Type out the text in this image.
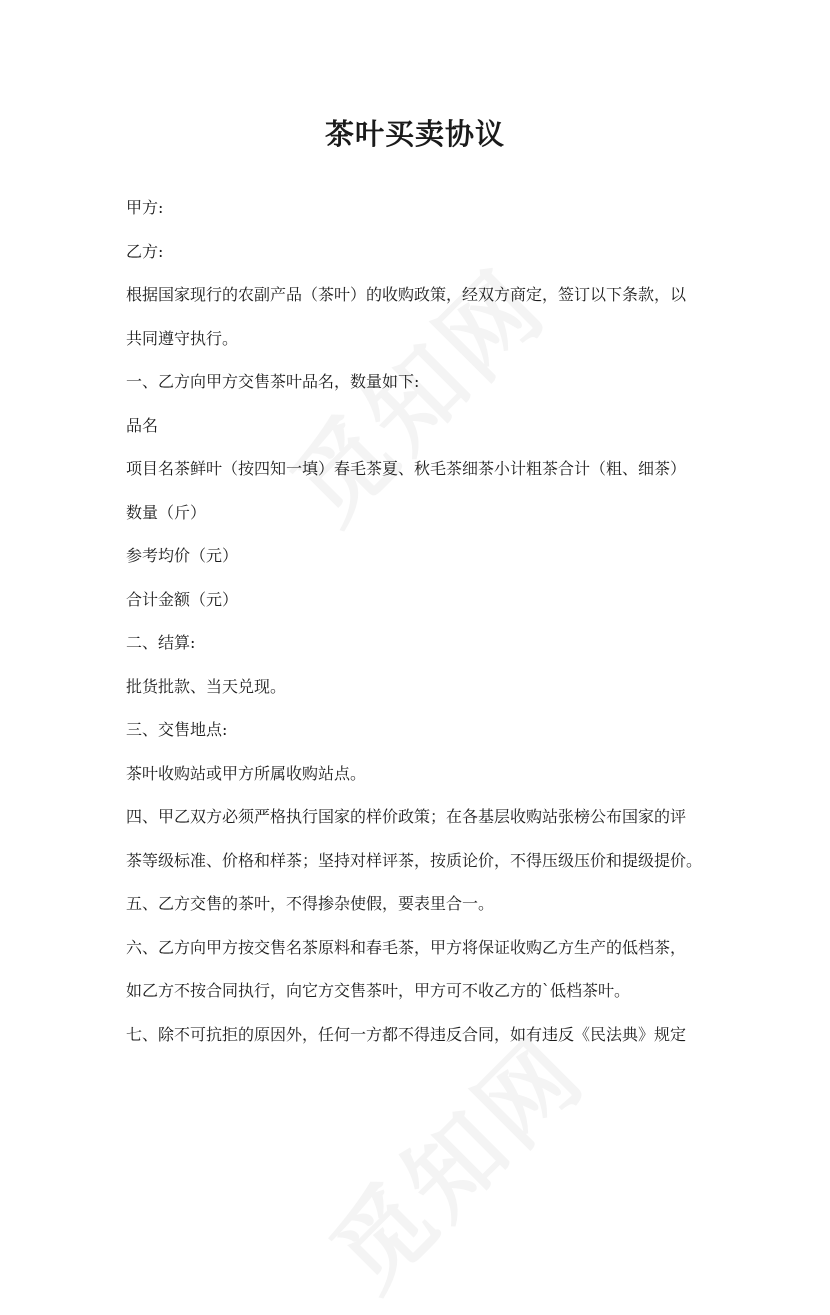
茶叶买卖协议

甲方:

乙方:

根据国家现行的农副产品（茶叶）的收购政策，经双方商定，签订以下条款，以

共同遵守执行。

一、乙方向甲方交售茶叶品名，数量如下:

品名

项目名茶鲜叶（按四知一填）春毛茶夏、秋毛茶细茶小计粗茶合计（粗、细茶）

数量（斤）

参考均价（元）

合计金额（元）

二、结算:

批货批款、当天兑现。

三、交售地点:

茶叶收购站或甲方所属收购站点。

四、甲乙双方必须严格执行国家的样价政策；在各基层收购站张榜公布国家的评

茶等级标准、价格和样茶；坚持对样评茶，按质论价，不得压级压价和提级提价。

五、乙方交售的茶叶，不得掺杂使假，要表里合一。

六、乙方向甲方按交售名茶原料和春毛茶，甲方将保证收购乙方生产的低档茶，

如乙方不按合同执行，向它方交售茶叶，甲方可不收乙方的`低档茶叶。

七、除不可抗拒的原因外，任何一方都不得违反合同，如有违反《民法典》规定
